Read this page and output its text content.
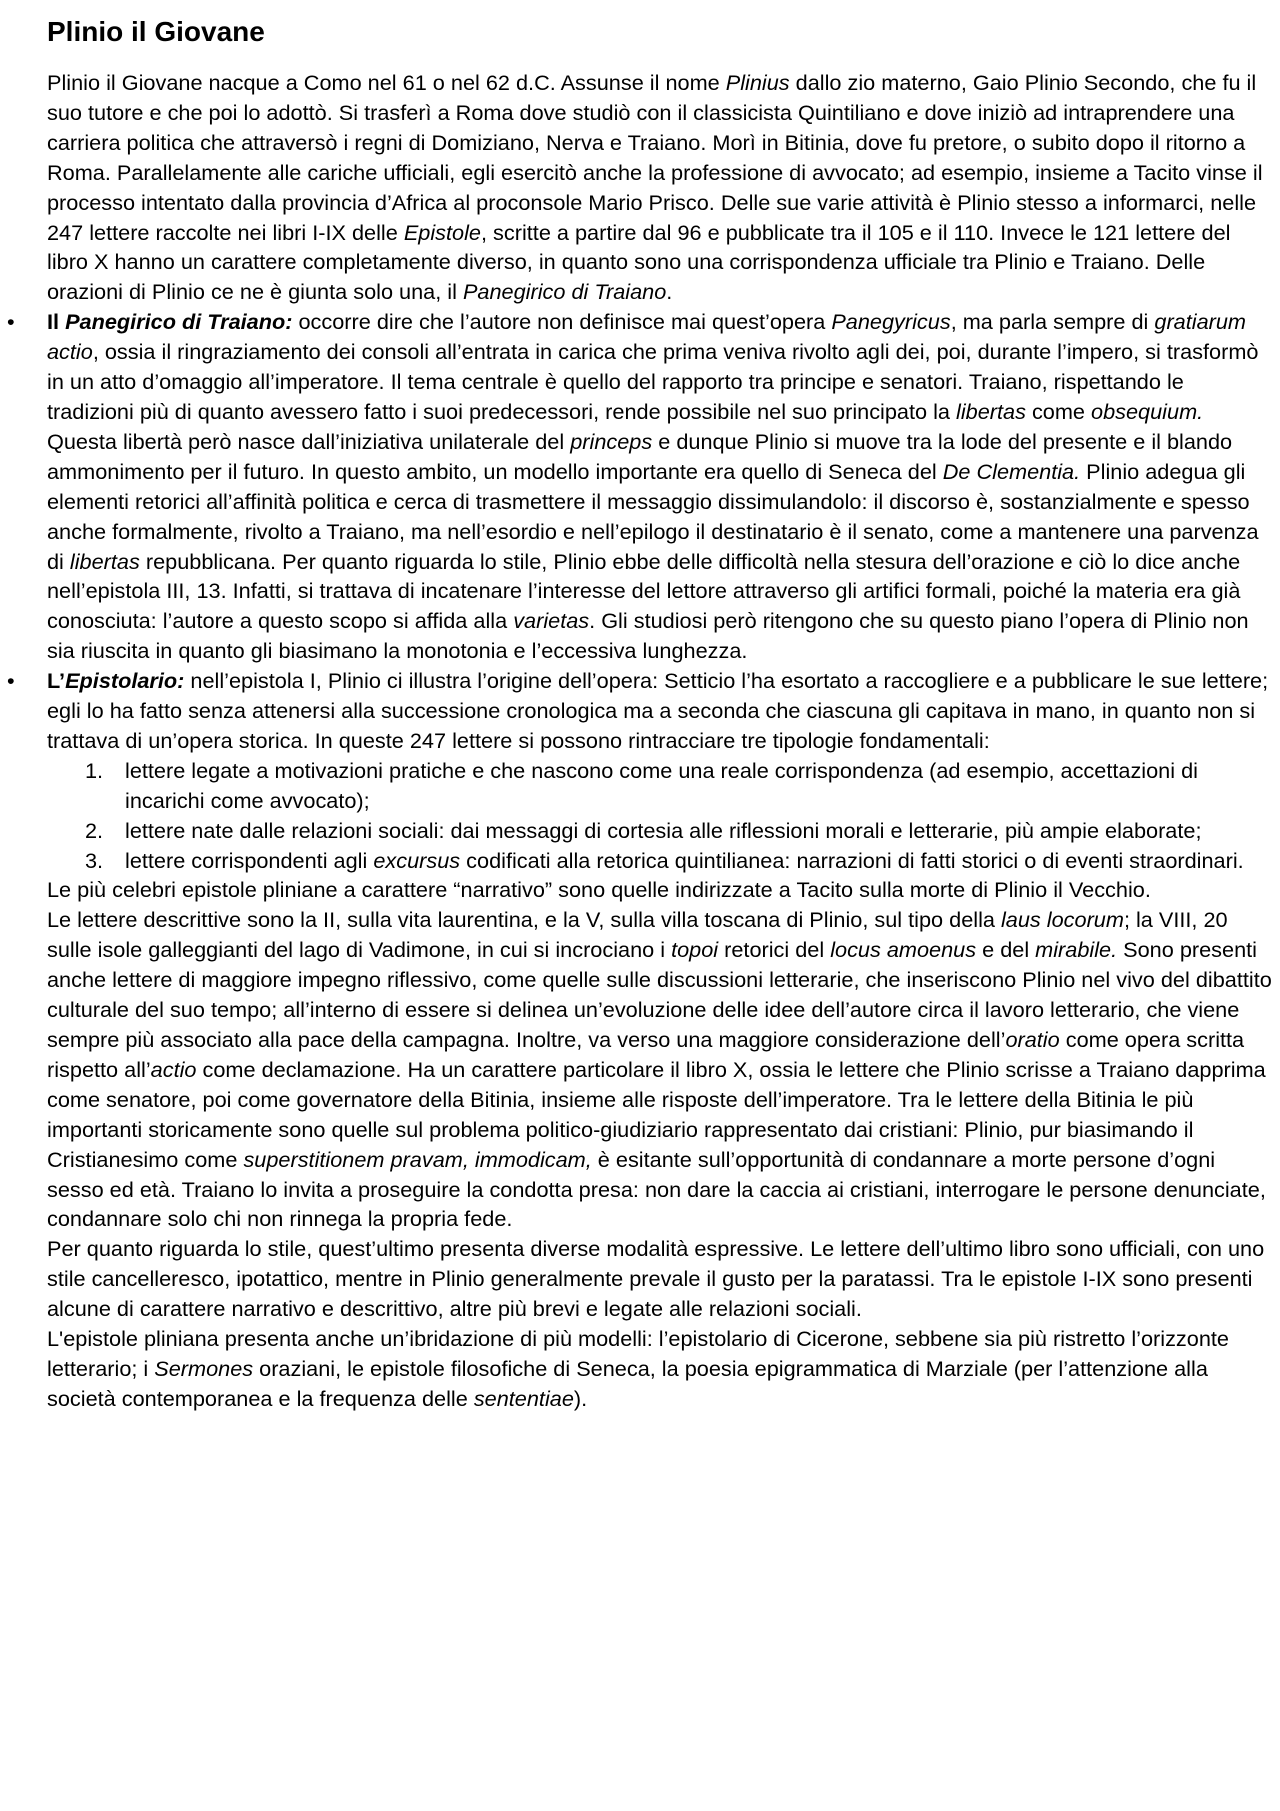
Plinio il Giovane

Plinio il Giovane nacque a Como nel 61 o nel 62 d.C. Assunse il nome Plinius dallo zio materno, Gaio Plinio Secondo, che fu il suo tutore e che poi lo adottò. Si trasferì a Roma dove studiò con il classicista Quintiliano e dove iniziò ad intraprendere una carriera politica che attraversò i regni di Domiziano, Nerva e Traiano. Morì in Bitinia, dove fu pretore, o subito dopo il ritorno a Roma. Parallelamente alle cariche ufficiali, egli esercitò anche la professione di avvocato; ad esempio, insieme a Tacito vinse il processo intentato dalla provincia d’Africa al proconsole Mario Prisco. Delle sue varie attività è Plinio stesso a informarci, nelle 247 lettere raccolte nei libri I-IX delle Epistole, scritte a partire dal 96 e pubblicate tra il 105 e il 110. Invece le 121 lettere del libro X hanno un carattere completamente diverso, in quanto sono una corrispondenza ufficiale tra Plinio e Traiano. Delle orazioni di Plinio ce ne è giunta solo una, il Panegirico di Traiano.

• Il Panegirico di Traiano: occorre dire che l’autore non definisce mai quest’opera Panegyricus, ma parla sempre di gratiarum actio, ossia il ringraziamento dei consoli all’entrata in carica che prima veniva rivolto agli dei, poi, durante l’impero, si trasformò in un atto d’omaggio all’imperatore. Il tema centrale è quello del rapporto tra principe e senatori. Traiano, rispettando le tradizioni più di quanto avessero fatto i suoi predecessori, rende possibile nel suo principato la libertas come obsequium. Questa libertà però nasce dall’iniziativa unilaterale del princeps e dunque Plinio si muove tra la lode del presente e il blando ammonimento per il futuro. In questo ambito, un modello importante era quello di Seneca del De Clementia. Plinio adegua gli elementi retorici all’affinità politica e cerca di trasmettere il messaggio dissimulandolo: il discorso è, sostanzialmente e spesso anche formalmente, rivolto a Traiano, ma nell’esordio e nell’epilogo il destinatario è il senato, come a mantenere una parvenza di libertas repubblicana. Per quanto riguarda lo stile, Plinio ebbe delle difficoltà nella stesura dell’orazione e ciò lo dice anche nell’epistola III, 13. Infatti, si trattava di incatenare l’interesse del lettore attraverso gli artifici formali, poiché la materia era già conosciuta: l’autore a questo scopo si affida alla varietas. Gli studiosi però ritengono che su questo piano l’opera di Plinio non sia riuscita in quanto gli biasimano la monotonia e l’eccessiva lunghezza.
• L’Epistolario: nell’epistola I, Plinio ci illustra l’origine dell’opera: Setticio l’ha esortato a raccogliere e a pubblicare le sue lettere; egli lo ha fatto senza attenersi alla successione cronologica ma a seconda che ciascuna gli capitava in mano, in quanto non si trattava di un’opera storica. In queste 247 lettere si possono rintracciare tre tipologie fondamentali:
1. lettere legate a motivazioni pratiche e che nascono come una reale corrispondenza (ad esempio, accettazioni di incarichi come avvocato);
2. lettere nate dalle relazioni sociali: dai messaggi di cortesia alle riflessioni morali e letterarie, più ampie elaborate;
3. lettere corrispondenti agli excursus codificati alla retorica quintilianea: narrazioni di fatti storici o di eventi straordinari.

Le più celebri epistole pliniane a carattere “narrativo” sono quelle indirizzate a Tacito sulla morte di Plinio il Vecchio.

Le lettere descrittive sono la II, sulla vita laurentina, e la V, sulla villa toscana di Plinio, sul tipo della laus locorum; la VIII, 20 sulle isole galleggianti del lago di Vadimone, in cui si incrociano i topoi retorici del locus amoenus e del mirabile. Sono presenti anche lettere di maggiore impegno riflessivo, come quelle sulle discussioni letterarie, che inseriscono Plinio nel vivo del dibattito culturale del suo tempo; all’interno di essere si delinea un’evoluzione delle idee dell’autore circa il lavoro letterario, che viene sempre più associato alla pace della campagna. Inoltre, va verso una maggiore considerazione dell’oratio come opera scritta rispetto all’actio come declamazione. Ha un carattere particolare il libro X, ossia le lettere che Plinio scrisse a Traiano dapprima come senatore, poi come governatore della Bitinia, insieme alle risposte dell’imperatore. Tra le lettere della Bitinia le più importanti storicamente sono quelle sul problema politico-giudiziario rappresentato dai cristiani: Plinio, pur biasimando il Cristianesimo come superstitionem pravam, immodicam, è esitante sull’opportunità di condannare a morte persone d’ogni sesso ed età. Traiano lo invita a proseguire la condotta presa: non dare la caccia ai cristiani, interrogare le persone denunciate, condannare solo chi non rinnega la propria fede.

Per quanto riguarda lo stile, quest’ultimo presenta diverse modalità espressive. Le lettere dell’ultimo libro sono ufficiali, con uno stile cancelleresco, ipotattico, mentre in Plinio generalmente prevale il gusto per la paratassi. Tra le epistole I-IX sono presenti alcune di carattere narrativo e descrittivo, altre più brevi e legate alle relazioni sociali.

L'epistole pliniana presenta anche un’ibridazione di più modelli: l’epistolario di Cicerone, sebbene sia più ristretto l’orizzonte letterario; i Sermones oraziani, le epistole filosofiche di Seneca, la poesia epigrammatica di Marziale (per l’attenzione alla società contemporanea e la frequenza delle sententiae).
